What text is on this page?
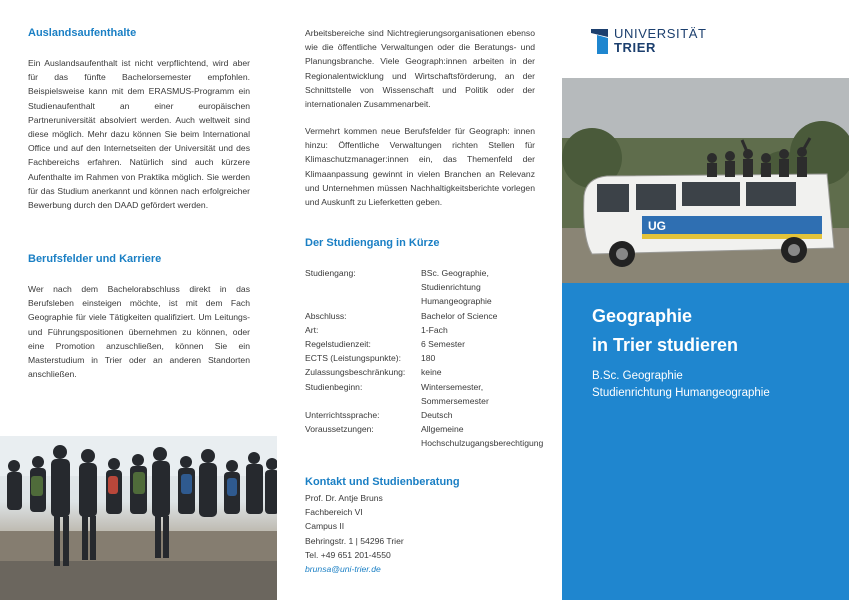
Auslandsaufenthalte

Ein Auslandsaufenthalt ist nicht verpflichtend, wird aber für das fünfte Bachelorsemester empfohlen. Beispielsweise kann mit dem ERASMUS-Programm ein Studienaufenthalt an einer europäischen Partneruniversität absolviert werden. Auch weltweit sind diese möglich. Mehr dazu können Sie beim International Office und auf den Internetseiten der Universität und des Fachbereichs erfahren. Natürlich sind auch kürzere Aufenthalte im Rahmen von Praktika möglich. Sie werden für das Studium anerkannt und können nach erfolgreicher Bewerbung durch den DAAD gefördert werden.

Berufsfelder und Karriere

Wer nach dem Bachelorabschluss direkt in das Berufsleben einsteigen möchte, ist mit dem Fach Geographie für viele Tätigkeiten qualifiziert. Um Leitungs- und Führungspositionen übernehmen zu können, oder eine Promotion anzuschließen, können Sie ein Masterstudium in Trier oder an anderen Standorten anschließen.

Arbeitsbereiche sind Nichtregierungsorganisationen ebenso wie die öffentliche Verwaltungen oder die Beratungs- und Planungsbranche. Viele Geograph:innen arbeiten in der Regionalentwicklung und Wirtschaftsförderung, an der Schnittstelle von Wissenschaft und Politik oder der internationalen Zusammenarbeit.

Vermehrt kommen neue Berufsfelder für Geograph: innen hinzu: Öffentliche Verwaltungen richten Stellen für Klimaschutzmanager:innen ein, das Themenfeld der Klimaanpassung gewinnt in vielen Branchen an Relevanz und Unternehmen müssen Nachhaltigkeitsberichte vorlegen und Auskunft zu Lieferketten geben.

Der Studiengang in Kürze
Studiengang:	BSc. Geographie, Studienrichtung Humangeographie
Abschluss:	Bachelor of Science
Art:	1-Fach
Regelstudienzeit:	6 Semester
ECTS (Leistungspunkte):	180
Zulassungsbeschränkung:	keine
Studienbeginn:	Wintersemester, Sommersemester
Unterrichtssprache:	Deutsch
Voraussetzungen:	Allgemeine Hochschulzugangsberechtigung
Kontakt und Studienberatung
Prof. Dr. Antje Bruns
Fachbereich VI
Campus II
Behringstr. 1 | 54296 Trier
Tel. +49 651 201-4550
brunsa@uni-trier.de
UNIVERSITÄT
TRIER
UG
Geographie
in Trier studieren
B.Sc. Geographie
Studienrichtung Humangeographie
